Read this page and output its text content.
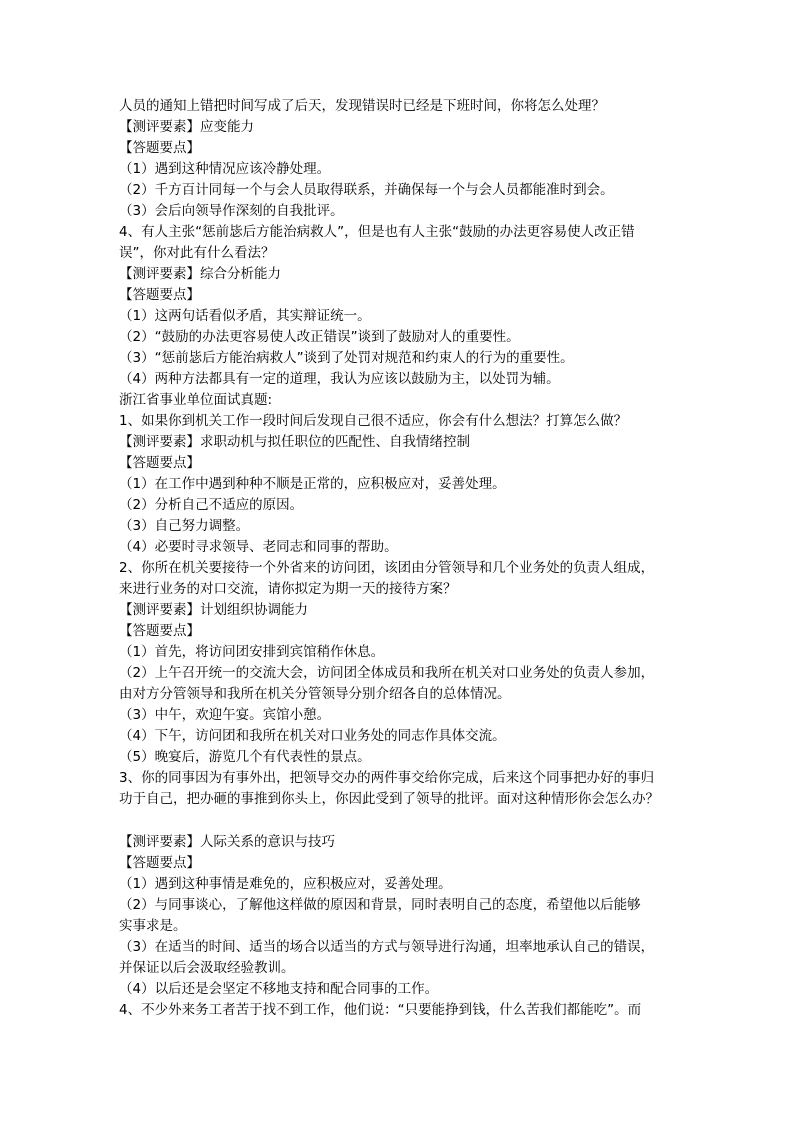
人员的通知上错把时间写成了后天，发现错误时已经是下班时间，你将怎么处理？
【测评要素】应变能力
【答题要点】
（1）遇到这种情况应该冷静处理。
（2）千方百计同每一个与会人员取得联系，并确保每一个与会人员都能准时到会。
（3）会后向领导作深刻的自我批评。
4、有人主张“惩前毖后方能治病救人”，但是也有人主张“鼓励的办法更容易使人改正错
误”，你对此有什么看法？
【测评要素】综合分析能力
【答题要点】
（1）这两句话看似矛盾，其实辩证统一。
（2）“鼓励的办法更容易使人改正错误”谈到了鼓励对人的重要性。
（3）“惩前毖后方能治病救人”谈到了处罚对规范和约束人的行为的重要性。
（4）两种方法都具有一定的道理，我认为应该以鼓励为主，以处罚为辅。
浙江省事业单位面试真题:
1、如果你到机关工作一段时间后发现自己很不适应，你会有什么想法？打算怎么做？
【测评要素】求职动机与拟任职位的匹配性、自我情绪控制
【答题要点】
（1）在工作中遇到种种不顺是正常的，应积极应对，妥善处理。
（2）分析自己不适应的原因。
（3）自己努力调整。
（4）必要时寻求领导、老同志和同事的帮助。
2、你所在机关要接待一个外省来的访问团，该团由分管领导和几个业务处的负责人组成，
来进行业务的对口交流，请你拟定为期一天的接待方案？
【测评要素】计划组织协调能力
【答题要点】
（1）首先，将访问团安排到宾馆稍作休息。
（2）上午召开统一的交流大会，访问团全体成员和我所在机关对口业务处的负责人参加，
由对方分管领导和我所在机关分管领导分别介绍各自的总体情况。
（3）中午，欢迎午宴。宾馆小憩。
（4）下午，访问团和我所在机关对口业务处的同志作具体交流。
（5）晚宴后，游览几个有代表性的景点。
3、你的同事因为有事外出，把领导交办的两件事交给你完成，后来这个同事把办好的事归
功于自己，把办砸的事推到你头上，你因此受到了领导的批评。面对这种情形你会怎么办？
【测评要素】人际关系的意识与技巧
【答题要点】
（1）遇到这种事情是难免的，应积极应对，妥善处理。
（2）与同事谈心，了解他这样做的原因和背景，同时表明自己的态度，希望他以后能够
实事求是。
（3）在适当的时间、适当的场合以适当的方式与领导进行沟通，坦率地承认自己的错误，
并保证以后会汲取经验教训。
（4）以后还是会坚定不移地支持和配合同事的工作。
4、不少外来务工者苦于找不到工作，他们说：“只要能挣到钱，什么苦我们都能吃”。而
